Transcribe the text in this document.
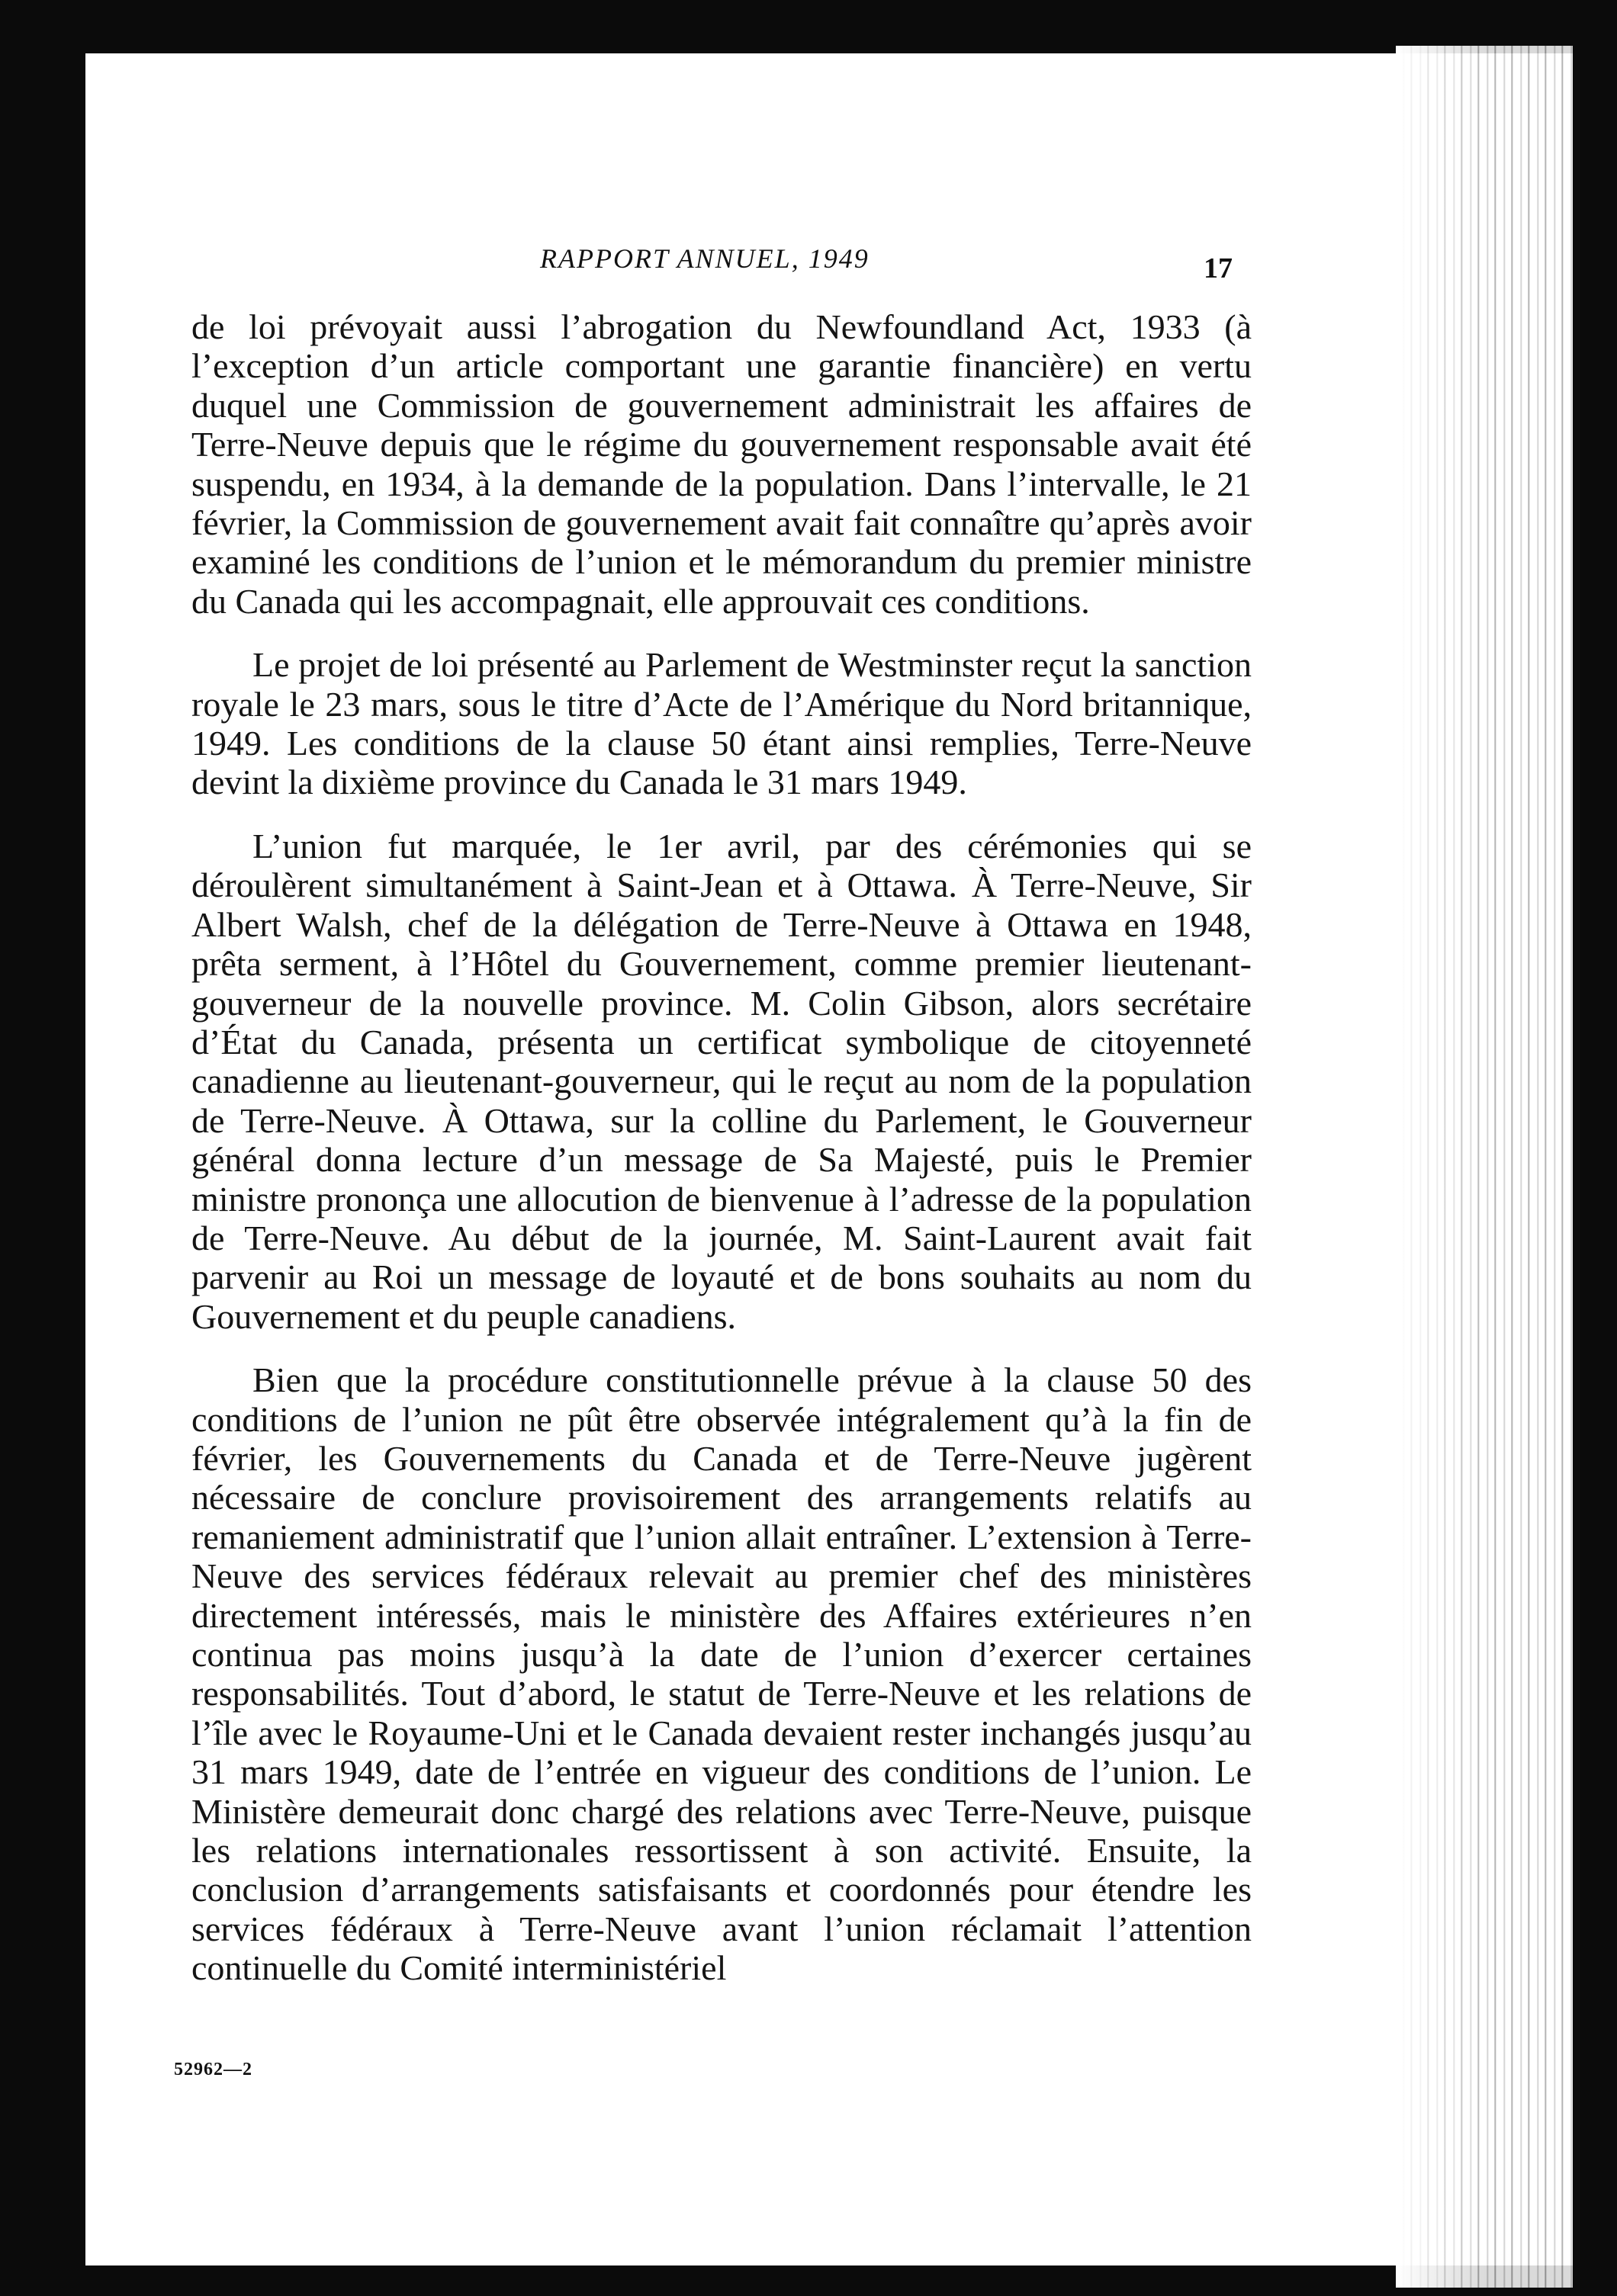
RAPPORT ANNUEL, 1949	17

de loi prévoyait aussi l’abrogation du Newfoundland Act, 1933 (à l’exception d’un article comportant une garantie financière) en vertu duquel une Commission de gouvernement administrait les affaires de Terre-Neuve depuis que le régime du gouvernement responsable avait été suspendu, en 1934, à la demande de la population. Dans l’intervalle, le 21 février, la Commission de gouvernement avait fait connaître qu’après avoir examiné les conditions de l’union et le mémorandum du premier ministre du Canada qui les accompagnait, elle approuvait ces conditions.

Le projet de loi présenté au Parlement de Westminster reçut la sanction royale le 23 mars, sous le titre d’Acte de l’Amérique du Nord britannique, 1949. Les conditions de la clause 50 étant ainsi remplies, Terre-Neuve devint la dixième province du Canada le 31 mars 1949.

L’union fut marquée, le 1er avril, par des cérémonies qui se déroulèrent simultanément à Saint-Jean et à Ottawa. À Terre-Neuve, Sir Albert Walsh, chef de la délégation de Terre-Neuve à Ottawa en 1948, prêta serment, à l’Hôtel du Gouvernement, comme premier lieutenant-gouverneur de la nouvelle province. M. Colin Gibson, alors secrétaire d’État du Canada, présenta un certificat symbolique de citoyenneté canadienne au lieutenant-gouverneur, qui le reçut au nom de la population de Terre-Neuve. À Ottawa, sur la colline du Parlement, le Gouverneur général donna lecture d’un message de Sa Majesté, puis le Premier ministre prononça une allocution de bienvenue à l’adresse de la population de Terre-Neuve. Au début de la journée, M. Saint-Laurent avait fait parvenir au Roi un message de loyauté et de bons souhaits au nom du Gouvernement et du peuple canadiens.

Bien que la procédure constitutionnelle prévue à la clause 50 des conditions de l’union ne pût être observée intégralement qu’à la fin de février, les Gouvernements du Canada et de Terre-Neuve jugèrent nécessaire de conclure provisoirement des arrangements relatifs au remaniement administratif que l’union allait entraîner. L’extension à Terre-Neuve des services fédéraux relevait au premier chef des ministères directement intéressés, mais le ministère des Affaires extérieures n’en continua pas moins jusqu’à la date de l’union d’exercer certaines responsabilités. Tout d’abord, le statut de Terre-Neuve et les relations de l’île avec le Royaume-Uni et le Canada devaient rester inchangés jusqu’au 31 mars 1949, date de l’entrée en vigueur des conditions de l’union. Le Ministère demeurait donc chargé des relations avec Terre-Neuve, puisque les relations internationales ressortissent à son activité. Ensuite, la conclusion d’arrangements satisfaisants et coordonnés pour étendre les services fédéraux à Terre-Neuve avant l’union réclamait l’attention continuelle du Comité interministériel

52962—2
